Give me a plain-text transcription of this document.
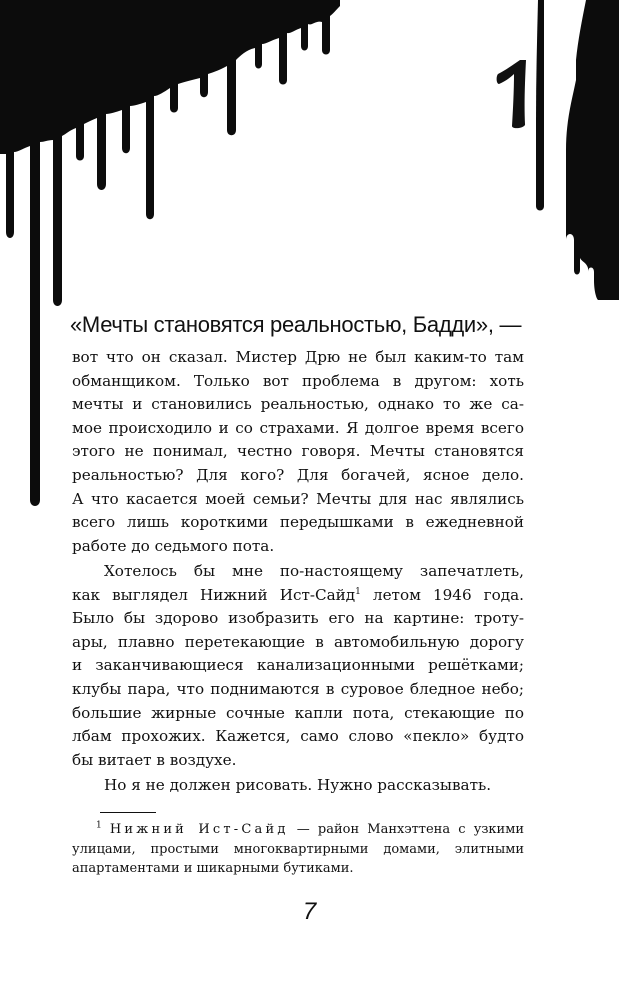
1
«Мечты становятся реальностью, Бадди», —
вот что он сказал. Мистер Дрю не был каким-то там
обманщиком. Только вот проблема в другом: хоть
мечты и становились реальностью, однако то же са-
мое происходило и со страхами. Я долгое время всего
этого не понимал, честно говоря. Мечты становятся
реальностью? Для кого? Для богачей, ясное дело.
А что касается моей семьи? Мечты для нас являлись
всего лишь короткими передышками в ежедневной
работе до седьмого пота.
Хотелось бы мне по-настоящему запечатлеть,
как выглядел Нижний Ист-Сайд$^1$ летом 1946 года.
Было бы здорово изобразить его на картине: троту-
ары, плавно перетекающие в автомобильную дорогу
и заканчивающиеся канализационными решётками;
клубы пара, что поднимаются в суровое бледное небо;
большие жирные сочные капли пота, стекающие по
лбам прохожих. Кажется, само слово «пекло» будто
бы витает в воздухе.
Но я не должен рисовать. Нужно рассказывать.
$^1$ Нижний Ист-Сайд — район Манхэттена с узкими
улицами, простыми многоквартирными домами, элитными
апартаментами и шикарными бутиками.
7
